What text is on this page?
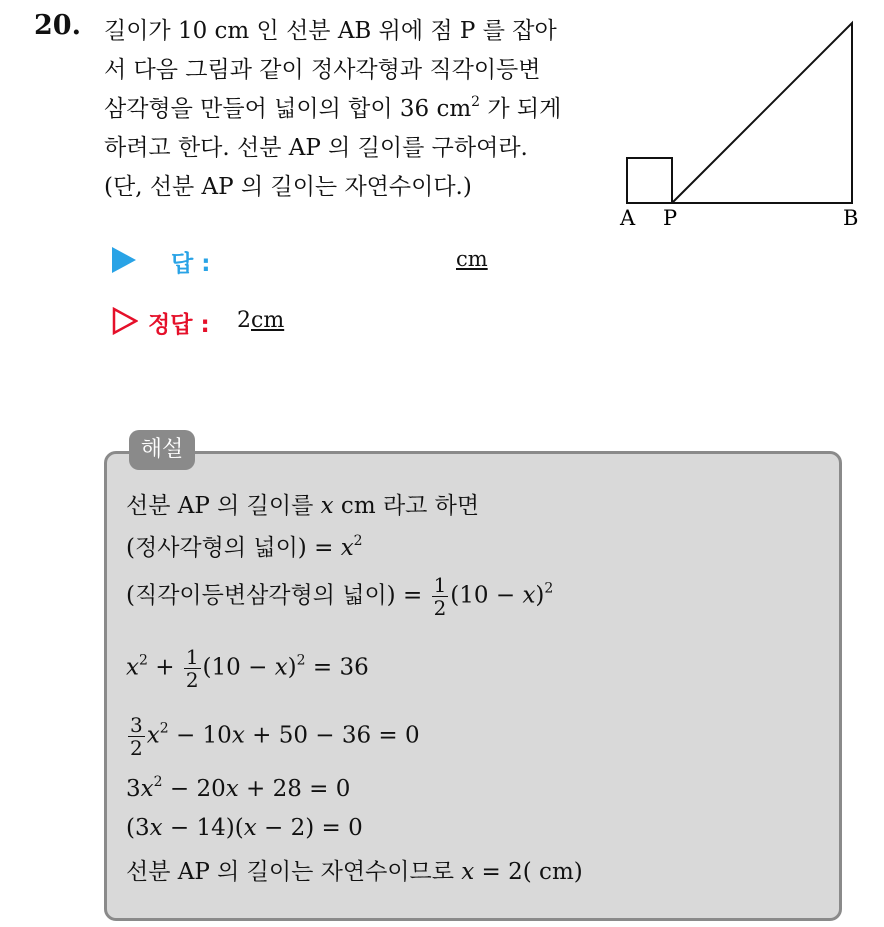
20. 길이가 10 cm 인 선분 AB 위에 점 P 를 잡아
서 다음 그림과 같이 정사각형과 직각이등변
삼각형을 만들어 넓이의 합이 36 $cm^2$ 가 되게
하려고 한다. 선분 AP 의 길이를 구하여라.
(단, 선분 AP 의 길이는 자연수이다.)
A P	B
답 :	cm
정답 : 2cm
해설
선분 AP 의 길이를 x cm 라고 하면
(정사각형의 넓이) = $x^2$
(직각이등변삼각형의 넓이) = $\frac{1}{2} (10 - x)^2$
$x^2 + \frac{1}{2} (10 - x)^2 = 36$
$\frac{3}{2} x^2 - 10x + 50 - 36 = 0$
$3x^2 - 20x + 28 = 0$
(3x − 14)(x − 2) = 0
선분 AP 의 길이는 자연수이므로 x = 2( cm)
